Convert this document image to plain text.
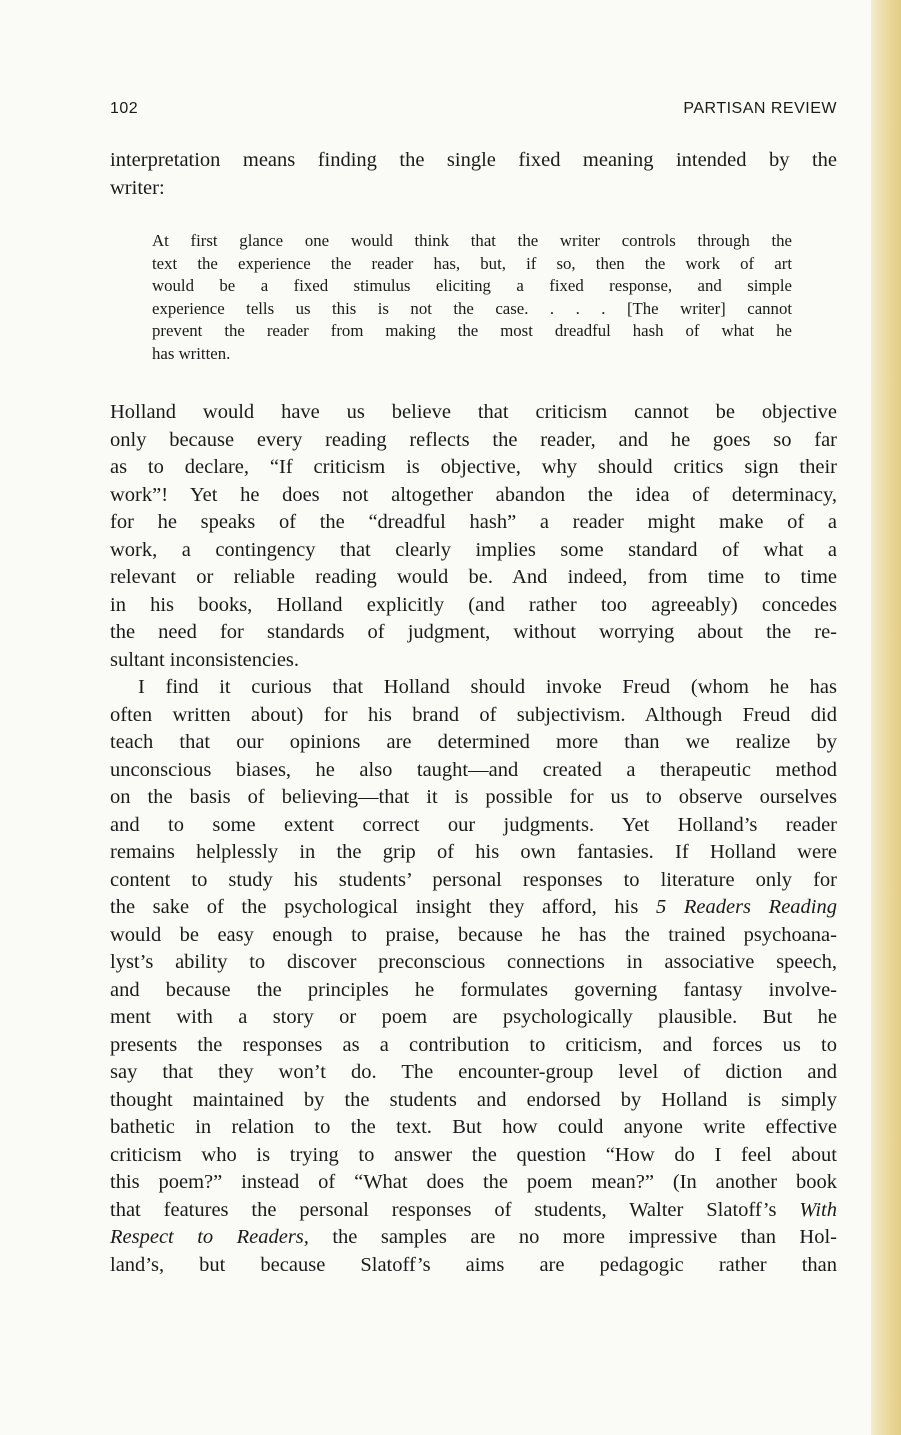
102	PARTISAN REVIEW

interpretation means finding the single fixed meaning intended by the
writer:

At first glance one would think that the writer controls through the
text the experience the reader has, but, if so, then the work of art
would be a fixed stimulus eliciting a fixed response, and simple
experience tells us this is not the case. . . . [The writer] cannot
prevent the reader from making the most dreadful hash of what he
has written.

Holland would have us believe that criticism cannot be objective
only because every reading reflects the reader, and he goes so far
as to declare, “If criticism is objective, why should critics sign their
work”! Yet he does not altogether abandon the idea of determinacy,
for he speaks of the “dreadful hash” a reader might make of a
work, a contingency that clearly implies some standard of what a
relevant or reliable reading would be. And indeed, from time to time
in his books, Holland explicitly (and rather too agreeably) concedes
the need for standards of judgment, without worrying about the re-
sultant inconsistencies.

I find it curious that Holland should invoke Freud (whom he has
often written about) for his brand of subjectivism. Although Freud did
teach that our opinions are determined more than we realize by
unconscious biases, he also taught—and created a therapeutic method
on the basis of believing—that it is possible for us to observe ourselves
and to some extent correct our judgments. Yet Holland’s reader
remains helplessly in the grip of his own fantasies. If Holland were
content to study his students’ personal responses to literature only for
the sake of the psychological insight they afford, his 5 Readers Reading
would be easy enough to praise, because he has the trained psychoana-
lyst’s ability to discover preconscious connections in associative speech,
and because the principles he formulates governing fantasy involve-
ment with a story or poem are psychologically plausible. But he
presents the responses as a contribution to criticism, and forces us to
say that they won’t do. The encounter-group level of diction and
thought maintained by the students and endorsed by Holland is simply
bathetic in relation to the text. But how could anyone write effective
criticism who is trying to answer the question “How do I feel about
this poem?” instead of “What does the poem mean?” (In another book
that features the personal responses of students, Walter Slatoff’s With
Respect to Readers, the samples are no more impressive than Hol-
land’s, but because Slatoff’s aims are pedagogic rather than
